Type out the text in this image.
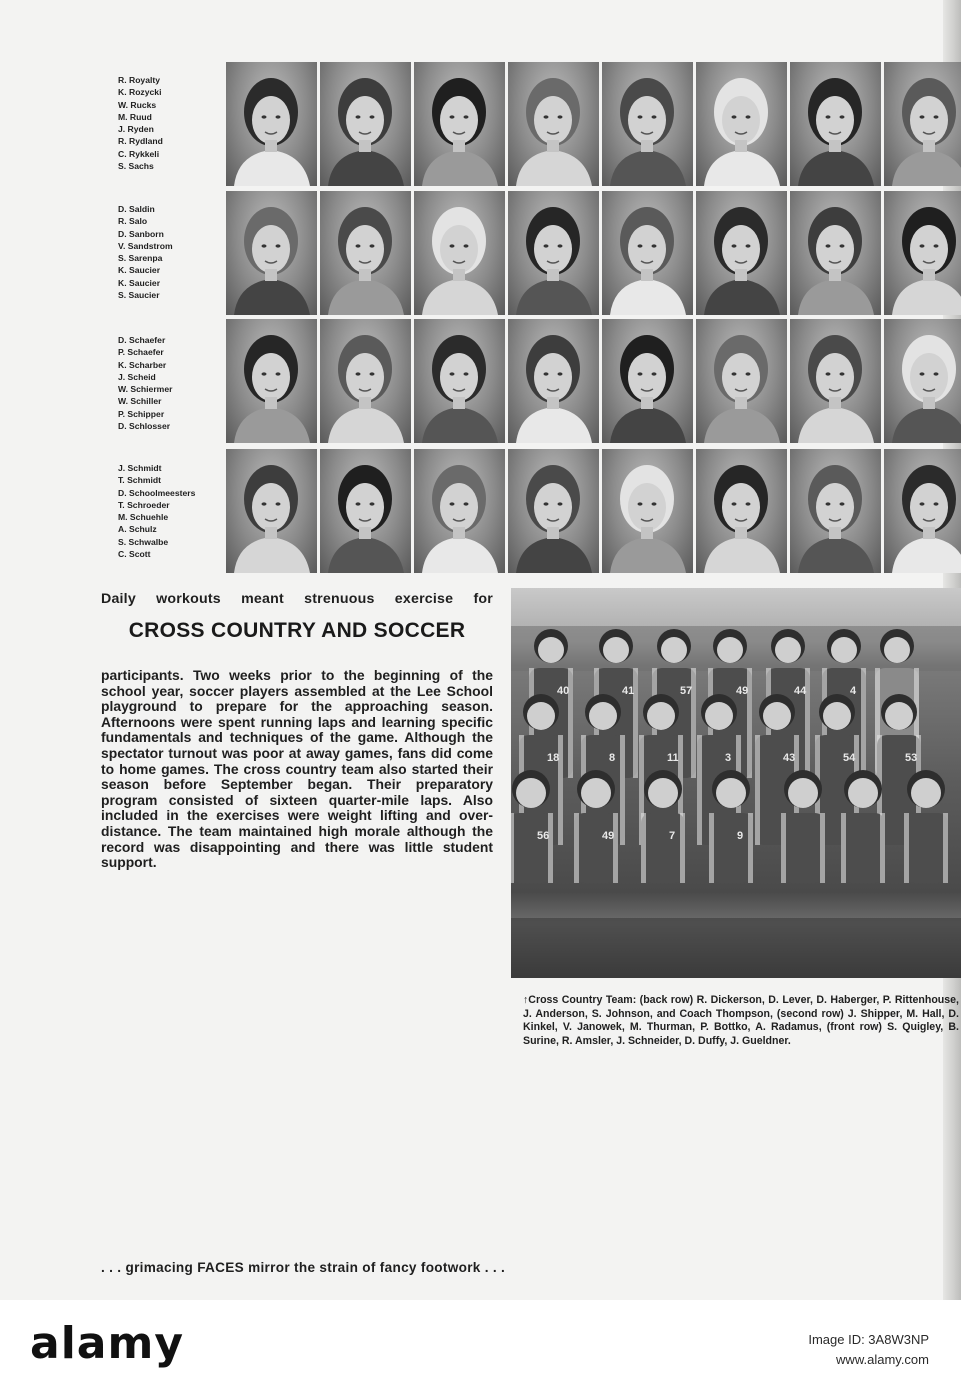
R. Royalty
K. Rozycki
W. Rucks
M. Ruud
J. Ryden
R. Rydland
C. Rykkeli
S. Sachs
D. Saldin
R. Salo
D. Sanborn
V. Sandstrom
S. Sarenpa
K. Saucier
K. Saucier
S. Saucier
D. Schaefer
P. Schaefer
K. Scharber
J. Scheid
W. Schiermer
W. Schiller
P. Schipper
D. Schlosser
J. Schmidt
T. Schmidt
D. Schoolmeesters
T. Schroeder
M. Schuehle
A. Schulz
S. Schwalbe
C. Scott
Daily workouts meant strenuous exercise for
CROSS COUNTRY AND SOCCER
participants. Two weeks prior to the beginning of the school year, soccer players assembled at the Lee School playground to prepare for the approaching season. Afternoons were spent running laps and learning specific fundamentals and techniques of the game. Although the spectator turnout was poor at away games, fans did come to home games. The cross country team also started their season before September began. Their preparatory program consisted of sixteen quarter-mile laps. Also included in the exercises were weight lifting and over-distance. The team maintained high morale although the record was disappointing and there was little student support.
40	41	57	49	44	4
18	8	11	3	43	54	53
56	49	7	9
↑Cross Country Team: (back row) R. Dickerson, D. Lever, D. Haberger, P. Rittenhouse, J. Anderson, S. Johnson, and Coach Thompson, (second row) J. Shipper, M. Hall, D. Kinkel, V. Janowek, M. Thurman, P. Bottko, A. Radamus, (front row) S. Quigley, B. Surine, R. Amsler, J. Schneider, D. Duffy, J. Gueldner.
. . . grimacing FACES mirror the strain of fancy footwork . . .
alamy	Image ID: 3A8W3NP
www.alamy.com
